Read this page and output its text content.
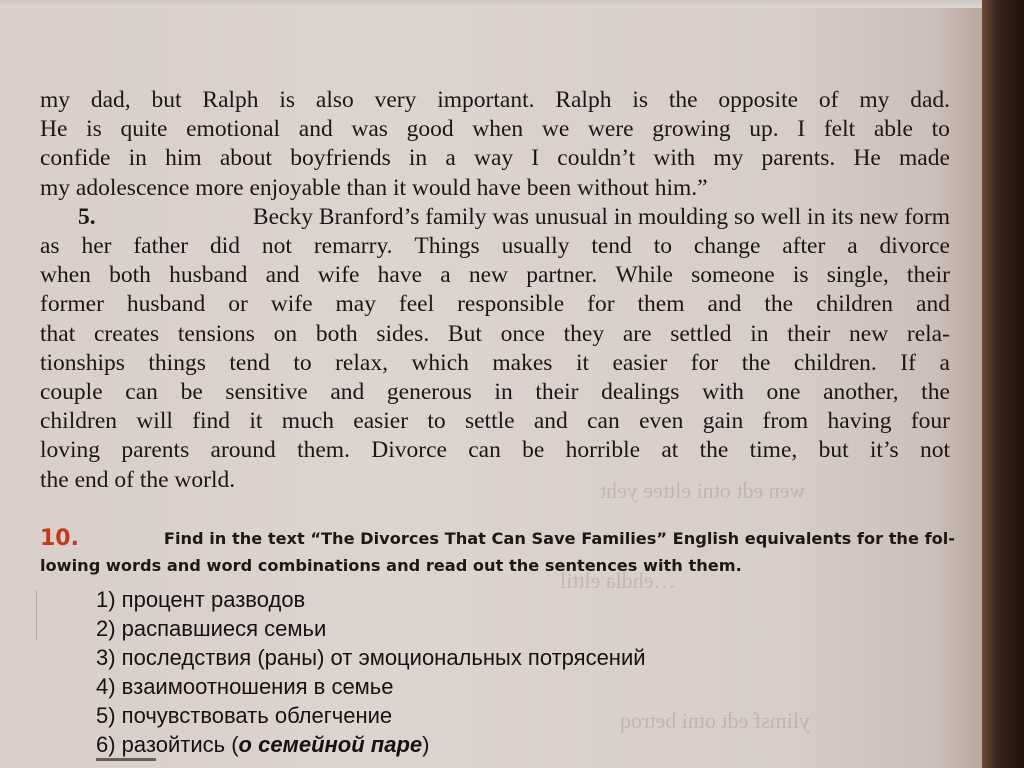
wen edt otni elttee yeht
…ehdla elttil
ylimsf edt otni betroq
my dad, but Ralph is also very important. Ralph is the opposite of my dad.
He is quite emotional and was good when we were growing up. I felt able to
confide in him about boyfriends in a way I couldn’t with my parents. He made
my adolescence more enjoyable than it would have been without him.”
5.	Becky Branford’s family was unusual in moulding so well in its new form
as her father did not remarry. Things usually tend to change after a divorce
when both husband and wife have a new partner. While someone is single, their
former husband or wife may feel responsible for them and the children and
that creates tensions on both sides. But once they are settled in their new rela-
tionships things tend to relax, which makes it easier for the children. If a
couple can be sensitive and generous in their dealings with one another, the
children will find it much easier to settle and can even gain from having four
loving parents around them. Divorce can be horrible at the time, but it’s not
the end of the world.
10.	Find in the text “The Divorces That Can Save Families” English equivalents for the fol-
lowing words and word combinations and read out the sentences with them.
1) процент разводов
2) распавшиеся семьи
3) последствия (раны) от эмоциональных потрясений
4) взаимоотношения в семье
5) почувствовать облегчение
6) разойтись (о семейной паре)
